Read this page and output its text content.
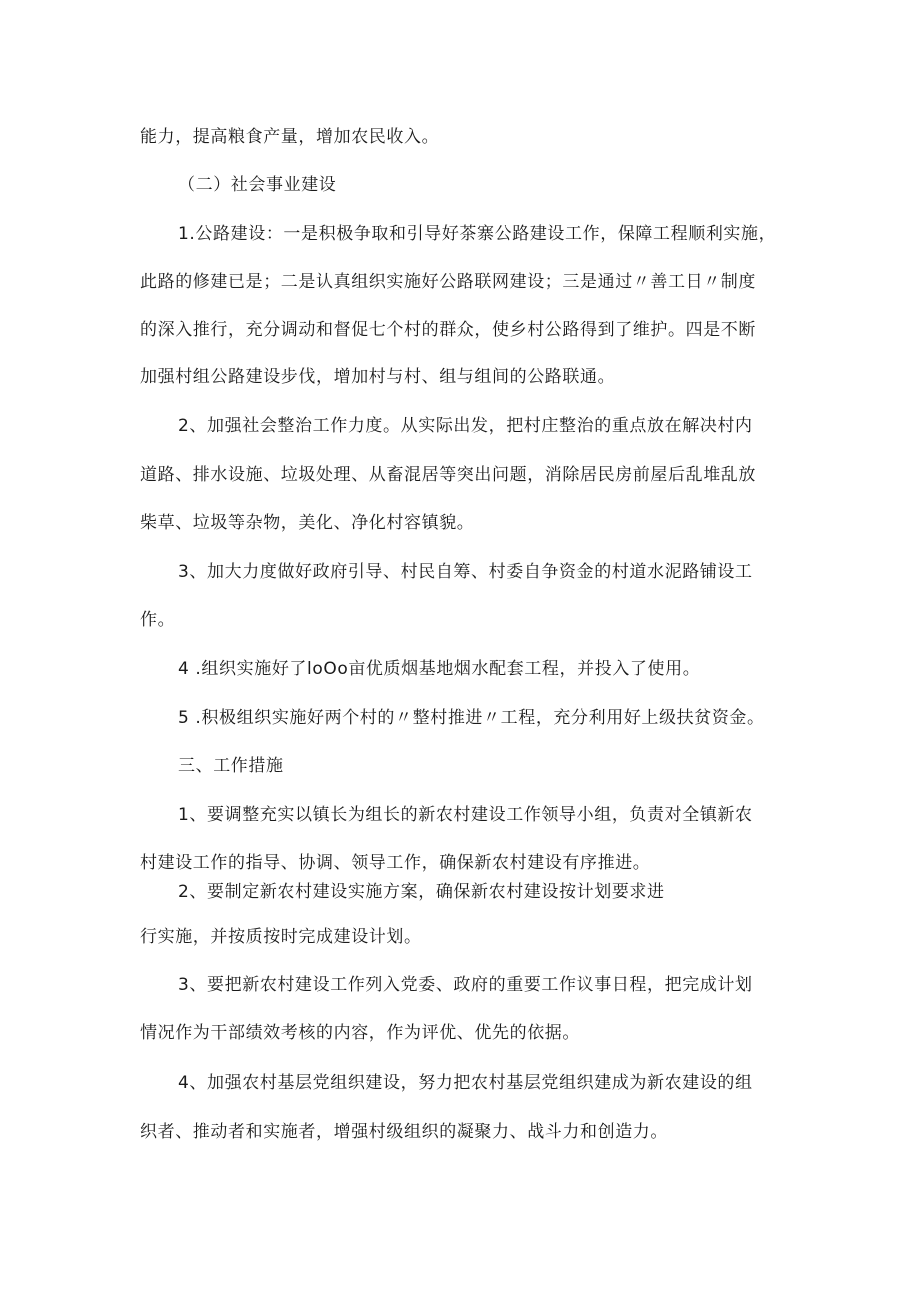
能力，提高粮食产量，增加农民收入。
（二）社会事业建设
1.公路建设：一是积极争取和引导好茶寨公路建设工作，保障工程顺利实施，
此路的修建已是；二是认真组织实施好公路联网建设；三是通过〃善工日〃制度
的深入推行，充分调动和督促七个村的群众，使乡村公路得到了维护。四是不断
加强村组公路建设步伐，增加村与村、组与组间的公路联通。
2、加强社会整治工作力度。从实际出发，把村庄整治的重点放在解决村内
道路、排水设施、垃圾处理、从畜混居等突出问题，消除居民房前屋后乱堆乱放
柴草、垃圾等杂物，美化、净化村容镇貌。
3、加大力度做好政府引导、村民自筹、村委自争资金的村道水泥路铺设工
作。
4 .组织实施好了loOo亩优质烟基地烟水配套工程，并投入了使用。
5 .积极组织实施好两个村的〃整村推进〃工程，充分利用好上级扶贫资金。
三、工作措施
1、要调整充实以镇长为组长的新农村建设工作领导小组，负责对全镇新农
村建设工作的指导、协调、领导工作，确保新农村建设有序推进。
2、要制定新农村建设实施方案，确保新农村建设按计划要求进
行实施，并按质按时完成建设计划。
3、要把新农村建设工作列入党委、政府的重要工作议事日程，把完成计划
情况作为干部绩效考核的内容，作为评优、优先的依据。
4、加强农村基层党组织建设，努力把农村基层党组织建成为新农建设的组
织者、推动者和实施者，增强村级组织的凝聚力、战斗力和创造力。
